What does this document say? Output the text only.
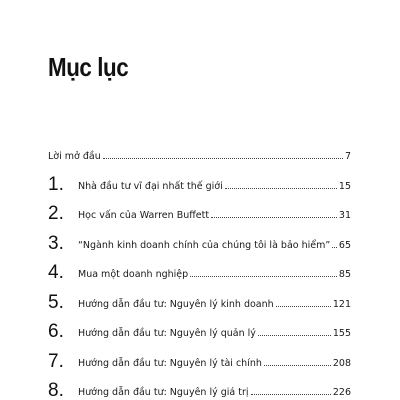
Mục lục
Lời mở đầu	7
1.	Nhà đầu tư vĩ đại nhất thế giới	15
2.	Học vấn của Warren Buffett	31
3.	“Ngành kinh doanh chính của chúng tôi là bảo hiểm” 65
4.	Mua một doanh nghiệp	85
5.	Hướng dẫn đầu tư: Nguyên lý kinh doanh	121
6.	Hướng dẫn đầu tư: Nguyên lý quản lý	155
7.	Hướng dẫn đầu tư: Nguyên lý tài chính	208
8.	Hướng dẫn đầu tư: Nguyên lý giá trị	226
